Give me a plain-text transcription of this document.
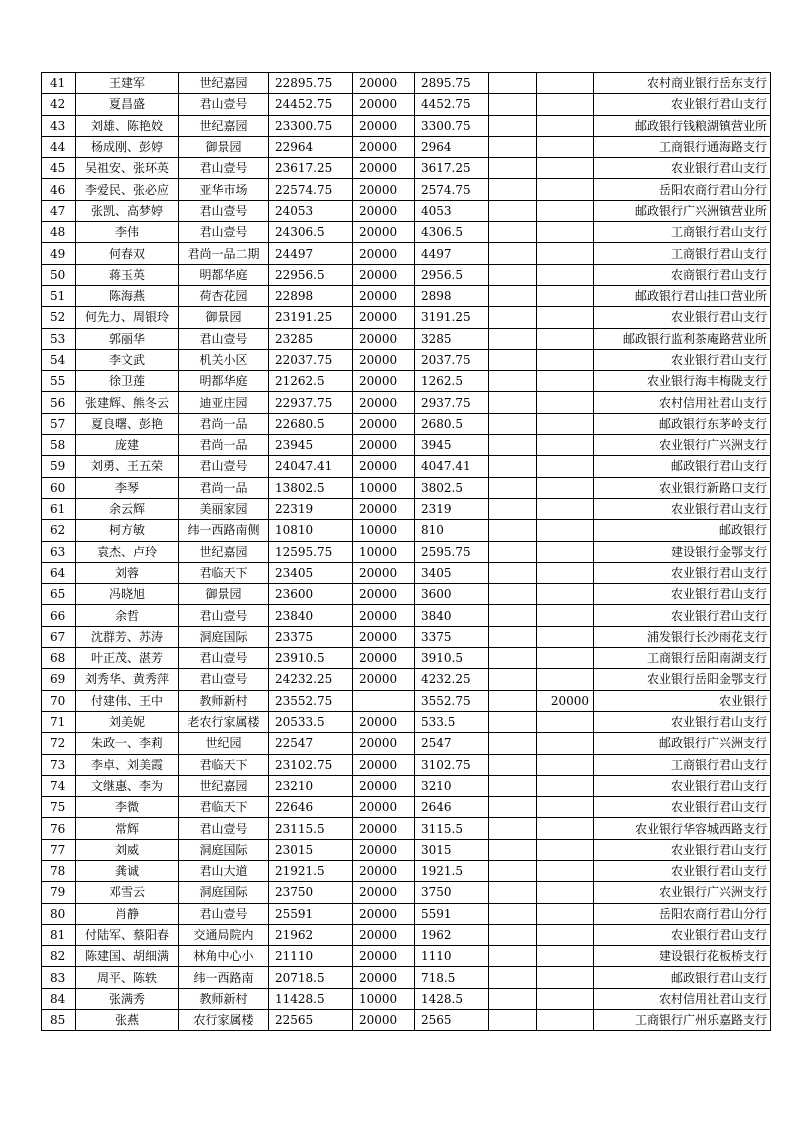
41	王建军	世纪嘉园	22895.75	20000	2895.75			农村商业银行岳东支行
42	夏昌盛	君山壹号	24452.75	20000	4452.75			农业银行君山支行
43	刘雄、陈艳姣	世纪嘉园	23300.75	20000	3300.75			邮政银行钱粮湖镇营业所
44	杨成刚、彭婷	御景园	22964	20000	2964			工商银行通海路支行
45	吴祖安、张环英	君山壹号	23617.25	20000	3617.25			农业银行君山支行
46	李爱民、张必应	亚华市场	22574.75	20000	2574.75			岳阳农商行君山分行
47	张凯、高梦婷	君山壹号	24053	20000	4053			邮政银行广兴洲镇营业所
48	李伟	君山壹号	24306.5	20000	4306.5			工商银行君山支行
49	何春双	君尚一品二期	24497	20000	4497			工商银行君山支行
50	蒋玉英	明都华庭	22956.5	20000	2956.5			农商银行君山支行
51	陈海燕	荷杏花园	22898	20000	2898			邮政银行君山挂口营业所
52	何先力、周银玲	御景园	23191.25	20000	3191.25			农业银行君山支行
53	郭丽华	君山壹号	23285	20000	3285			邮政银行监利茶庵路营业所
54	李文武	机关小区	22037.75	20000	2037.75			农业银行君山支行
55	徐卫莲	明都华庭	21262.5	20000	1262.5			农业银行海丰梅陇支行
56	张建辉、熊冬云	迪亚庄园	22937.75	20000	2937.75			农村信用社君山支行
57	夏良曙、彭艳	君尚一品	22680.5	20000	2680.5			邮政银行东茅岭支行
58	庞建	君尚一品	23945	20000	3945			农业银行广兴洲支行
59	刘勇、王五荣	君山壹号	24047.41	20000	4047.41			邮政银行君山支行
60	李琴	君尚一品	13802.5	10000	3802.5			农业银行新路口支行
61	余云辉	美丽家园	22319	20000	2319			农业银行君山支行
62	柯方敏	纬一西路南侧	10810	10000	810			邮政银行
63	袁杰、卢玲	世纪嘉园	12595.75	10000	2595.75			建设银行金鄂支行
64	刘蓉	君临天下	23405	20000	3405			农业银行君山支行
65	冯晓旭	御景园	23600	20000	3600			农业银行君山支行
66	余哲	君山壹号	23840	20000	3840			农业银行君山支行
67	沈群芳、苏涛	洞庭国际	23375	20000	3375			浦发银行长沙雨花支行
68	叶正茂、湛芳	君山壹号	23910.5	20000	3910.5			工商银行岳阳南湖支行
69	刘秀华、黄秀萍	君山壹号	24232.25	20000	4232.25			农业银行岳阳金鄂支行
70	付建伟、王中	教师新村	23552.75		3552.75		20000	农业银行
71	刘美妮	老农行家属楼	20533.5	20000	533.5			农业银行君山支行
72	朱政一、李莉	世纪园	22547	20000	2547			邮政银行广兴洲支行
73	李卓、刘美霞	君临天下	23102.75	20000	3102.75			工商银行君山支行
74	文继惠、李为	世纪嘉园	23210	20000	3210			农业银行君山支行
75	李微	君临天下	22646	20000	2646			农业银行君山支行
76	常辉	君山壹号	23115.5	20000	3115.5			农业银行华容城西路支行
77	刘威	洞庭国际	23015	20000	3015			农业银行君山支行
78	龚诚	君山大道	21921.5	20000	1921.5			农业银行君山支行
79	邓雪云	洞庭国际	23750	20000	3750			农业银行广兴洲支行
80	肖静	君山壹号	25591	20000	5591			岳阳农商行君山分行
81	付陆军、蔡阳春	交通局院内	21962	20000	1962			农业银行君山支行
82	陈建国、胡细满	林角中心小	21110	20000	1110			建设银行花板桥支行
83	周平、陈轶	纬一西路南	20718.5	20000	718.5			邮政银行君山支行
84	张满秀	教师新村	11428.5	10000	1428.5			农村信用社君山支行
85	张燕	农行家属楼	22565	20000	2565			工商银行广州乐嘉路支行
